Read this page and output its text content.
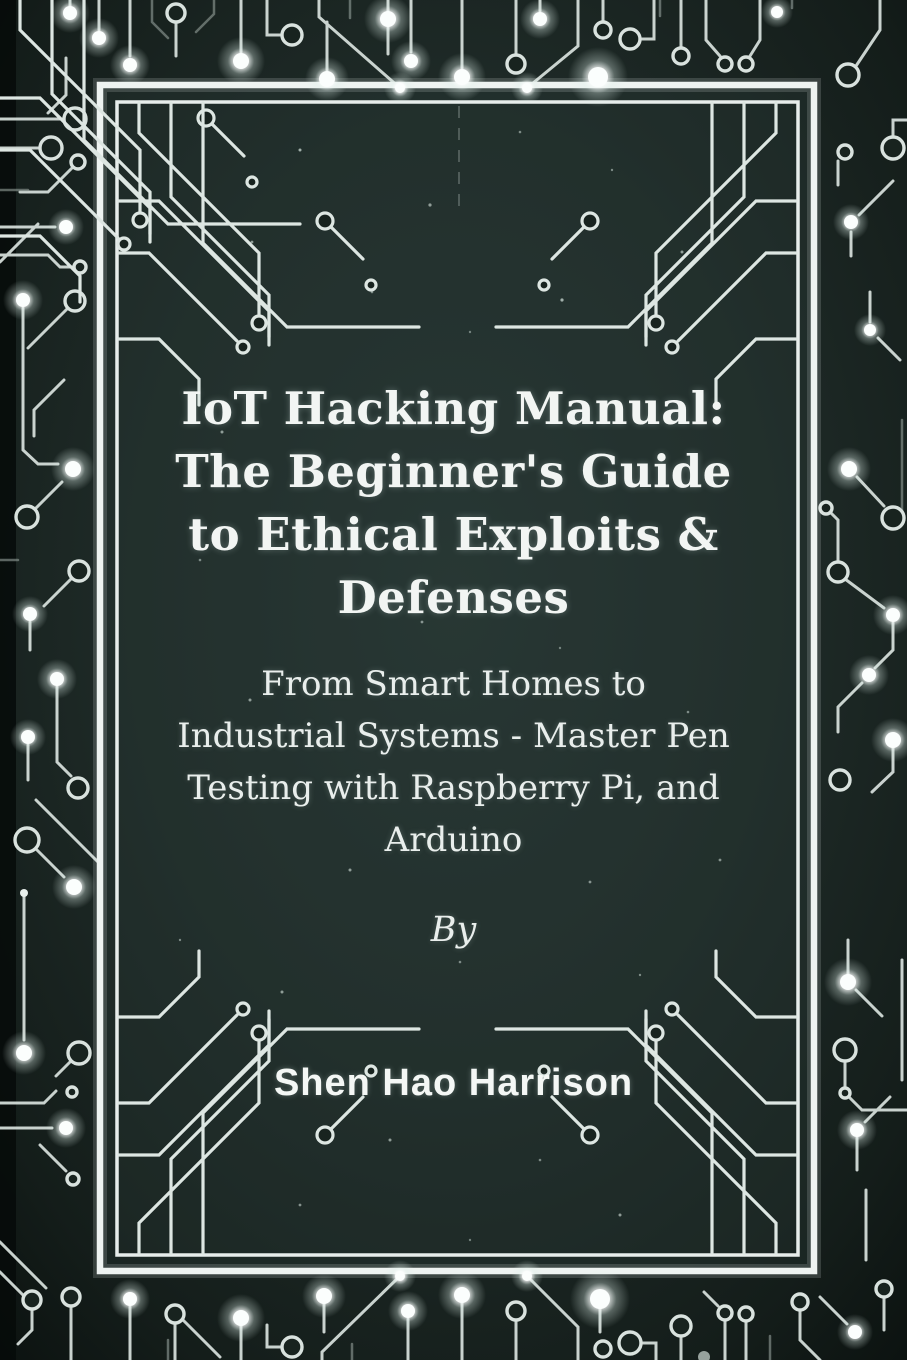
IoT Hacking Manual:
The Beginner's Guide
to Ethical Exploits &
Defenses
From Smart Homes to
Industrial Systems - Master Pen
Testing with Raspberry Pi, and
Arduino
By
Shen Hao Harrison
